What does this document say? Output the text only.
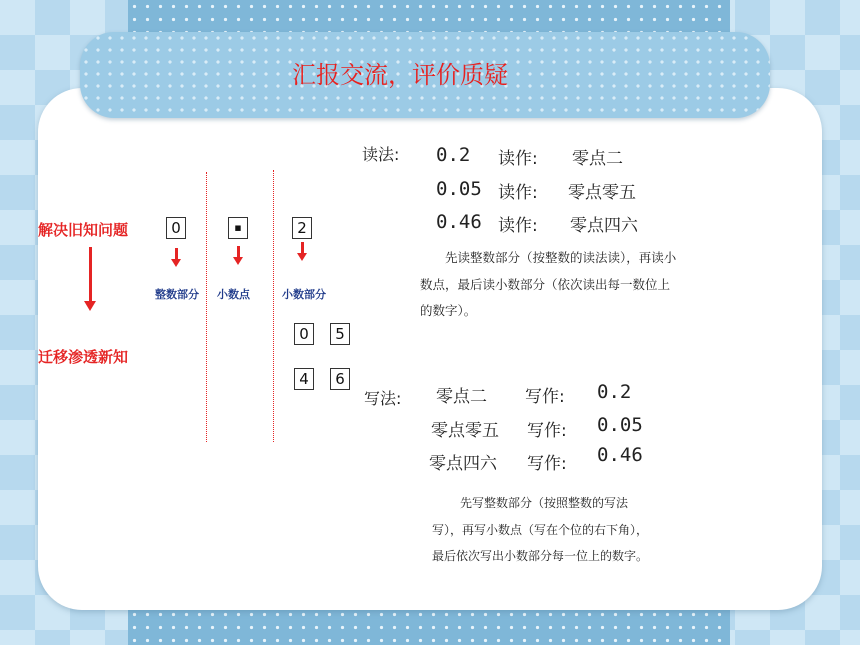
汇报交流，评价质疑
解决旧知问题
迁移渗透新知
0	▪	2
整数部分 小数点	小数部分
0	5
4	6
读法: 0.2 读作: 零点二
0.05 读作: 零点零五
0.46 读作: 零点四六
先读整数部分（按整数的读法读），再读小数点，最后读小数部分（依次读出每一数位上的数字）。
写法: 零点二 写作: 0.2
零点零五 写作: 0.05
零点四六 写作: 0.46
先写整数部分（按照整数的写法写），再写小数点（写在个位的右下角），最后依次写出小数部分每一位上的数字。
